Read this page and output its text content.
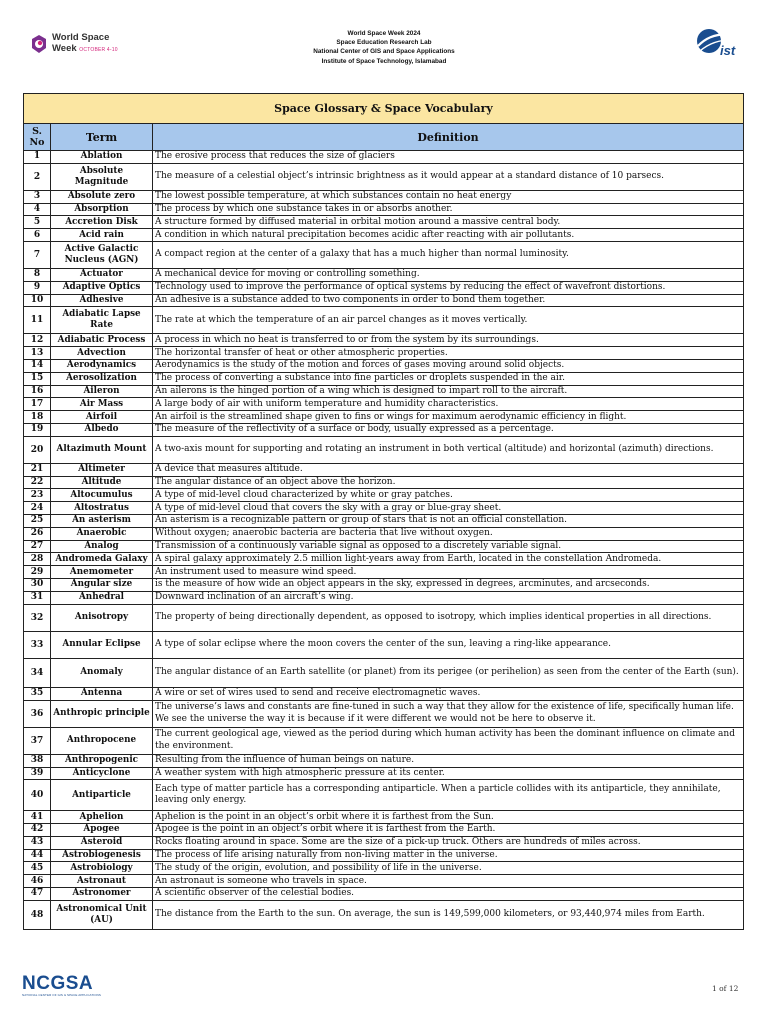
World Space
Week OCTOBER 4-10
World Space Week 2024
Space Education Research Lab
National Center of GIS and Space Applications
Institute of Space Technology, Islamabad
ist
Space Glossary & Space Vocabulary		
S. No	Term	Definition
1	Ablation	The erosive process that reduces the size of glaciers
2	Absolute Magnitude	The measure of a celestial object’s intrinsic brightness as it would appear at a standard distance of 10 parsecs.
3	Absolute zero	The lowest possible temperature, at which substances contain no heat energy
4	Absorption	The process by which one substance takes in or absorbs another.
5	Accretion Disk	A structure formed by diffused material in orbital motion around a massive central body.
6	Acid rain	A condition in which natural precipitation becomes acidic after reacting with air pollutants.
7	Active Galactic Nucleus (AGN)	A compact region at the center of a galaxy that has a much higher than normal luminosity.
8	Actuator	A mechanical device for moving or controlling something.
9	Adaptive Optics	Technology used to improve the performance of optical systems by reducing the effect of wavefront distortions.
10	Adhesive	An adhesive is a substance added to two components in order to bond them together.
11	Adiabatic Lapse Rate	The rate at which the temperature of an air parcel changes as it moves vertically.
12	Adiabatic Process	A process in which no heat is transferred to or from the system by its surroundings.
13	Advection	The horizontal transfer of heat or other atmospheric properties.
14	Aerodynamics	Aerodynamics is the study of the motion and forces of gases moving around solid objects.
15	Aerosolization	The process of converting a substance into fine particles or droplets suspended in the air.
16	Aileron	An ailerons is the hinged portion of a wing which is designed to impart roll to the aircraft.
17	Air Mass	A large body of air with uniform temperature and humidity characteristics.
18	Airfoil	An airfoil is the streamlined shape given to fins or wings for maximum aerodynamic efficiency in flight.
19	Albedo	The measure of the reflectivity of a surface or body, usually expressed as a percentage.
20	Altazimuth Mount	A two-axis mount for supporting and rotating an instrument in both vertical (altitude) and horizontal (azimuth) directions.
21	Altimeter	A device that measures altitude.
22	Altitude	The angular distance of an object above the horizon.
23	Altocumulus	A type of mid-level cloud characterized by white or gray patches.
24	Altostratus	A type of mid-level cloud that covers the sky with a gray or blue-gray sheet.
25	An asterism	An asterism is a recognizable pattern or group of stars that is not an official constellation.
26	Anaerobic	Without oxygen; anaerobic bacteria are bacteria that live without oxygen.
27	Analog	Transmission of a continuously variable signal as opposed to a discretely variable signal.
28	Andromeda Galaxy	A spiral galaxy approximately 2.5 million light-years away from Earth, located in the constellation Andromeda.
29	Anemometer	An instrument used to measure wind speed.
30	Angular size	is the measure of how wide an object appears in the sky, expressed in degrees, arcminutes, and arcseconds.
31	Anhedral	Downward inclination of an aircraft’s wing.
32	Anisotropy	The property of being directionally dependent, as opposed to isotropy, which implies identical properties in all directions.
33	Annular Eclipse	A type of solar eclipse where the moon covers the center of the sun, leaving a ring-like appearance.
34	Anomaly	The angular distance of an Earth satellite (or planet) from its perigee (or perihelion) as seen from the center of the Earth (sun).
35	Antenna	A wire or set of wires used to send and receive electromagnetic waves.
36	Anthropic principle	The universe’s laws and constants are fine-tuned in such a way that they allow for the existence of life, specifically human life. We see the universe the way it is because if it were different we would not be here to observe it.
37	Anthropocene	The current geological age, viewed as the period during which human activity has been the dominant influence on climate and the environment.
38	Anthropogenic	Resulting from the influence of human beings on nature.
39	Anticyclone	A weather system with high atmospheric pressure at its center.
40	Antiparticle	Each type of matter particle has a corresponding antiparticle. When a particle collides with its antiparticle, they annihilate, leaving only energy.
41	Aphelion	Aphelion is the point in an object’s orbit where it is farthest from the Sun.
42	Apogee	Apogee is the point in an object’s orbit where it is farthest from the Earth.
43	Asteroid	Rocks floating around in space. Some are the size of a pick-up truck. Others are hundreds of miles across.
44	Astrobiogenesis	The process of life arising naturally from non-living matter in the universe.
45	Astrobiology	The study of the origin, evolution, and possibility of life in the universe.
46	Astronaut	An astronaut is someone who travels in space.
47	Astronomer	A scientific observer of the celestial bodies.
48	Astronomical Unit (AU)	The distance from the Earth to the sun. On average, the sun is 149,599,000 kilometers, or 93,440,974 miles from Earth.
NCGSA
NATIONAL CENTER OF GIS & SPACE APPLICATIONS
1 of 12
